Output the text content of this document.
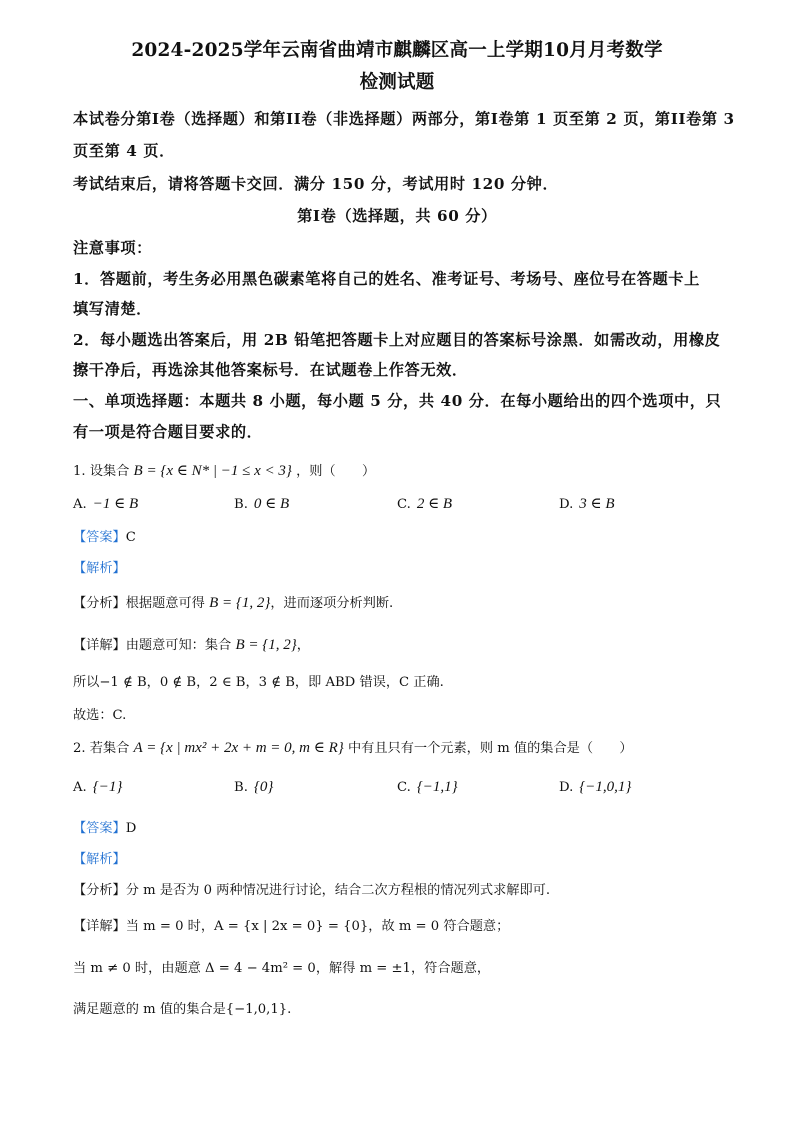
2024-2025学年云南省曲靖市麒麟区高一上学期10月月考数学
检测试题
本试卷分第I卷（选择题）和第II卷（非选择题）两部分，第I卷第 1 页至第 2 页，第II卷第 3
页至第 4 页．
考试结束后，请将答题卡交回．满分 150 分，考试用时 120 分钟．
第I卷（选择题，共 60 分）
注意事项：
1．答题前，考生务必用黑色碳素笔将自己的姓名、准考证号、考场号、座位号在答题卡上
填写清楚．
2．每小题选出答案后，用 2B 铅笔把答题卡上对应题目的答案标号涂黑．如需改动，用橡皮
擦干净后，再选涂其他答案标号．在试题卷上作答无效．
一、单项选择题：本题共 8 小题，每小题 5 分，共 40 分．在每小题给出的四个选项中，只
有一项是符合题目要求的．
1. 设集合 B = {x ∈ N* | −1 ≤ x < 3} ，则（　　）
A. −1 ∈ B	B. 0 ∈ B	C. 2 ∈ B	D. 3 ∈ B
【答案】C
【解析】
【分析】根据题意可得 B = {1, 2}，进而逐项分析判断.
【详解】由题意可知：集合 B = {1, 2}，
所以−1 ∉ B，0 ∉ B，2 ∈ B，3 ∉ B，即 ABD 错误，C 正确.
故选：C.
2. 若集合 A = {x | mx² + 2x + m = 0, m ∈ R} 中有且只有一个元素，则 m 值的集合是（　　）
A. {−1}	B. {0}	C. {−1,1}	D. {−1,0,1}
【答案】D
【解析】
【分析】分 m 是否为 0 两种情况进行讨论，结合二次方程根的情况列式求解即可.
【详解】当 m = 0 时，A = {x | 2x = 0} = {0}，故 m = 0 符合题意；
当 m ≠ 0 时，由题意 Δ = 4 − 4m² = 0，解得 m = ±1，符合题意，
满足题意的 m 值的集合是{−1,0,1}.
